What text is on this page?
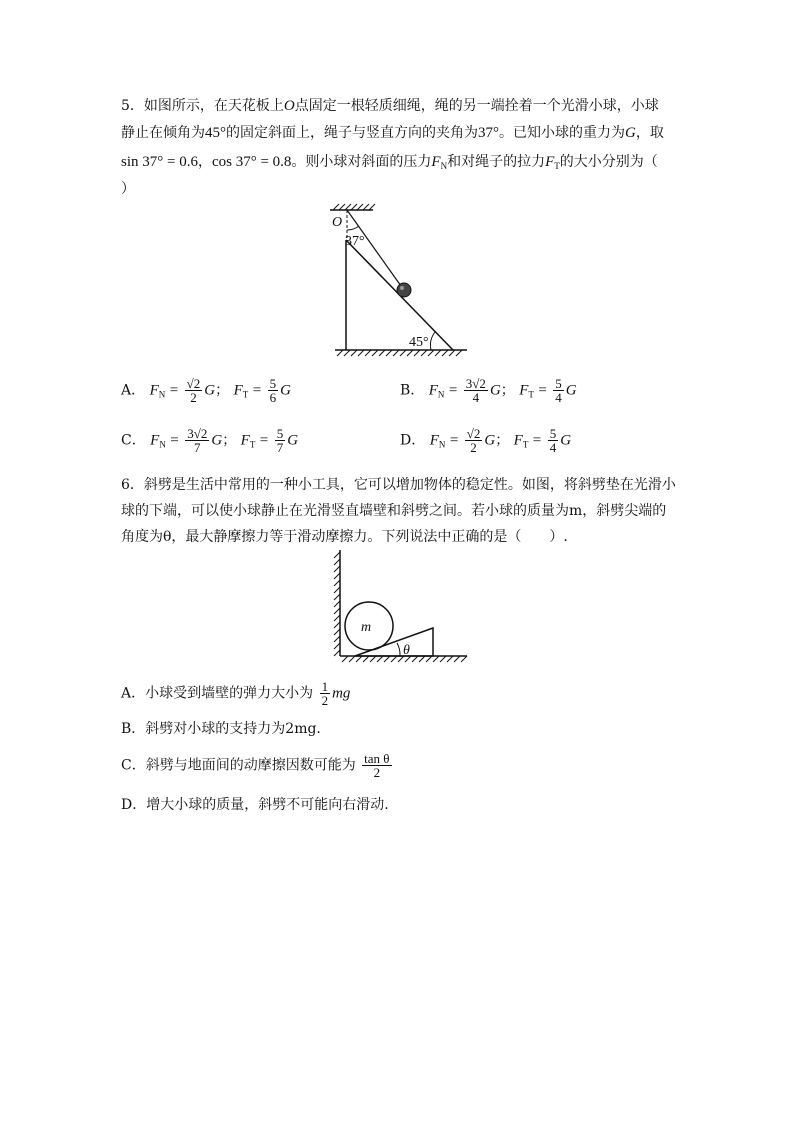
5．如图所示，在天花板上O点固定一根轻质细绳，绳的另一端拴着一个光滑小球，小球
静止在倾角为45°的固定斜面上，绳子与竖直方向的夹角为37°。已知小球的重力为G，取
sin 37° = 0.6，cos 37° = 0.8。则小球对斜面的压力$F_N$和对绳子的拉力$F_T$的大小分别为（
）
O
37°
45°
A． $F_N = \frac{√2}{2}$ G； $F_T = \frac{5}{6}$ G	B． $F_N = \frac{3√2}{4}$ G； $F_T = \frac{5}{4}$ G
C． $F_N = \frac{3√2}{7}$ G； $F_T = \frac{5}{7}$ G	D． $F_N = \frac{√2}{2}$ G； $F_T = \frac{5}{4}$ G
6．斜劈是生活中常用的一种小工具，它可以增加物体的稳定性。如图，将斜劈垫在光滑小
球的下端，可以使小球静止在光滑竖直墙壁和斜劈之间。若小球的质量为m，斜劈尖端的
角度为θ，最大静摩擦力等于滑动摩擦力。下列说法中正确的是（　　）.
m
θ
A．小球受到墙壁的弹力大小为 $\frac{1}{2}$ mg
B．斜劈对小球的支持力为2mg.
C．斜劈与地面间的动摩擦因数可能为 $\frac{\text{tan θ}}{2}$
D．增大小球的质量，斜劈不可能向右滑动.
